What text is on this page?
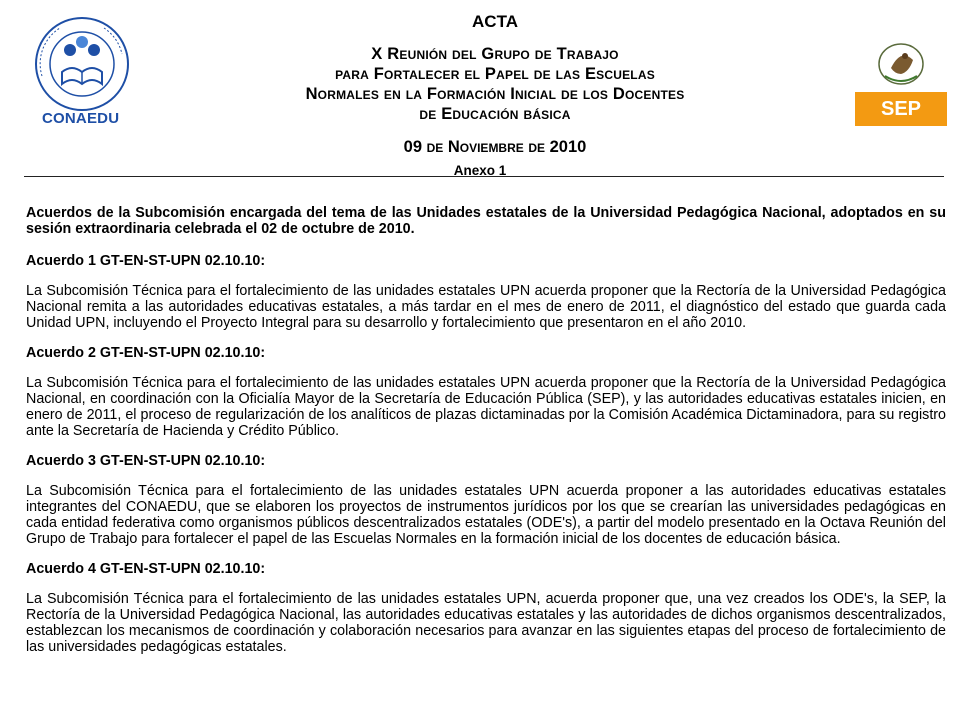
CONAEDU	SEP
ACTA
X Reunión del Grupo de Trabajo
para Fortalecer el Papel de las Escuelas
Normales en la Formación Inicial de los Docentes
de Educación básica
09 de Noviembre de 2010
Anexo 1

Acuerdos de la Subcomisión encargada del tema de las Unidades estatales de la Universidad Pedagógica Nacional, adoptados en su sesión extraordinaria celebrada el 02 de octubre de 2010.

Acuerdo 1 GT-EN-ST-UPN 02.10.10:

La Subcomisión Técnica para el fortalecimiento de las unidades estatales UPN acuerda proponer que la Rectoría de la Universidad Pedagógica Nacional remita a las autoridades educativas estatales, a más tardar en el mes de enero de 2011, el diagnóstico del estado que guarda cada Unidad UPN, incluyendo el Proyecto Integral para su desarrollo y fortalecimiento que presentaron en el año 2010.

Acuerdo 2 GT-EN-ST-UPN 02.10.10:

La Subcomisión Técnica para el fortalecimiento de las unidades estatales UPN acuerda proponer que la Rectoría de la Universidad Pedagógica Nacional, en coordinación con la Oficialía Mayor de la Secretaría de Educación Pública (SEP), y las autoridades educativas estatales inicien, en enero de 2011, el proceso de regularización de los analíticos de plazas dictaminadas por la Comisión Académica Dictaminadora, para su registro ante la Secretaría de Hacienda y Crédito Público.

Acuerdo 3 GT-EN-ST-UPN 02.10.10:

La Subcomisión Técnica para el fortalecimiento de las unidades estatales UPN acuerda proponer a las autoridades educativas estatales integrantes del CONAEDU, que se elaboren los proyectos de instrumentos jurídicos por los que se crearían las universidades pedagógicas en cada entidad federativa como organismos públicos descentralizados estatales (ODE's), a partir del modelo presentado en la Octava Reunión del Grupo de Trabajo para fortalecer el papel de las Escuelas Normales en la formación inicial de los docentes de educación básica.

Acuerdo 4 GT-EN-ST-UPN 02.10.10:

La Subcomisión Técnica para el fortalecimiento de las unidades estatales UPN, acuerda proponer que, una vez creados los ODE's, la SEP, la Rectoría de la Universidad Pedagógica Nacional, las autoridades educativas estatales y las autoridades de dichos organismos descentralizados, establezcan los mecanismos de coordinación y colaboración necesarios para avanzar en las siguientes etapas del proceso de fortalecimiento de las universidades pedagógicas estatales.
